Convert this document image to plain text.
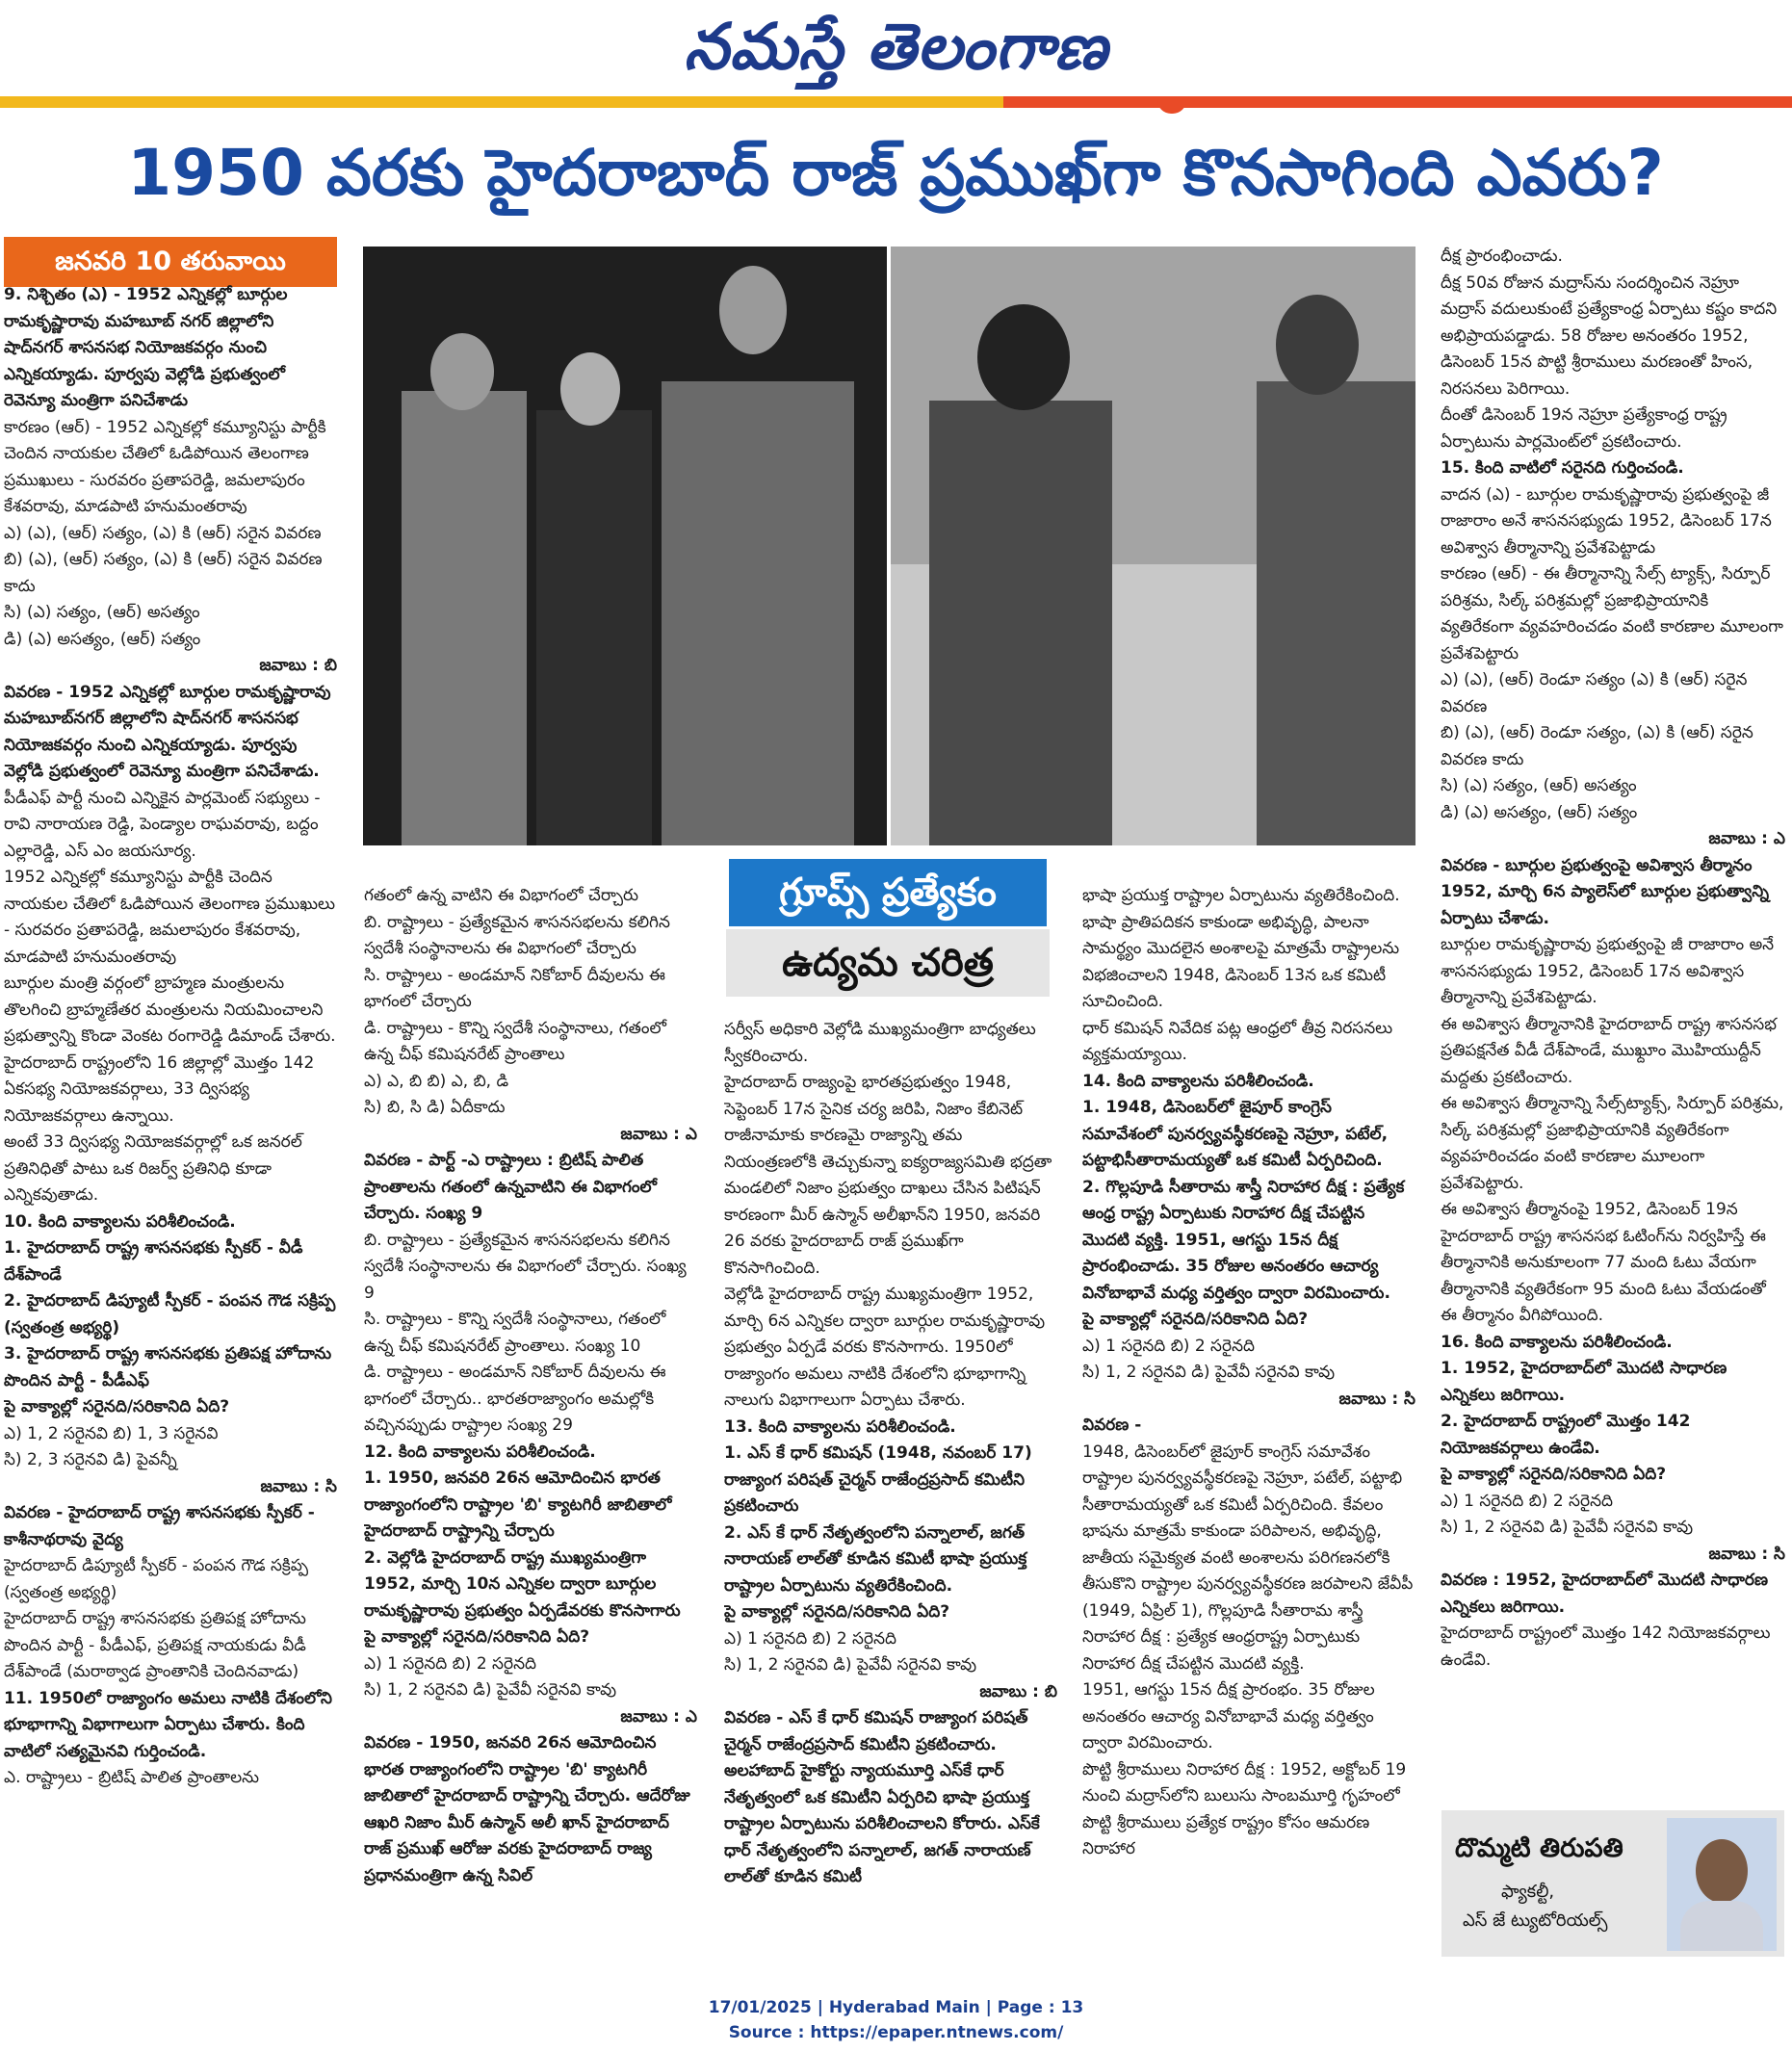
నమస్తే తెలంగాణ
1950 వరకు హైదరాబాద్ రాజ్ ప్రముఖ్‌గా కొనసాగింది ఎవరు?
జనవరి 10 తరువాయి
గ్రూప్స్ ప్రత్యేకం
ఉద్యమ చరిత్ర

9. నిశ్చితం (ఎ) - 1952 ఎన్నికల్లో బూర్గుల రామకృష్ణారావు మహబూబ్ నగర్ జిల్లాలోని షాద్‌నగర్ శాసనసభ నియోజకవర్గం నుంచి ఎన్నికయ్యాడు. పూర్వపు వెల్లోడి ప్రభుత్వంలో రెవెన్యూ మంత్రిగా పనిచేశాడు

కారణం (ఆర్) - 1952 ఎన్నికల్లో కమ్యూనిస్టు పార్టీకి చెందిన నాయకుల చేతిలో ఓడిపోయిన తెలంగాణ ప్రముఖులు - సురవరం ప్రతాపరెడ్డి, జమలాపురం కేశవరావు, మాడపాటి హనుమంతరావు

ఎ) (ఎ), (ఆర్) సత్యం, (ఎ) కి (ఆర్) సరైన వివరణ

బి) (ఎ), (ఆర్) సత్యం, (ఎ) కి (ఆర్) సరైన వివరణ కాదు

సి) (ఎ) సత్యం, (ఆర్) అసత్యం

డి) (ఎ) అసత్యం, (ఆర్) సత్యం

జవాబు : బి

వివరణ - 1952 ఎన్నికల్లో బూర్గుల రామకృష్ణారావు మహబూబ్‌నగర్ జిల్లాలోని షాద్‌నగర్ శాసనసభ నియోజకవర్గం నుంచి ఎన్నికయ్యాడు. పూర్వపు వెల్లోడి ప్రభుత్వంలో రెవెన్యూ మంత్రిగా పనిచేశాడు.

పీడీఎఫ్ పార్టీ నుంచి ఎన్నికైన పార్లమెంట్ సభ్యులు - రావి నారాయణ రెడ్డి, పెండ్యాల రాఘవరావు, బద్దం ఎల్లారెడ్డి, ఎస్ ఎం జయసూర్య.

1952 ఎన్నికల్లో కమ్యూనిస్టు పార్టీకి చెందిన నాయకుల చేతిలో ఓడిపోయిన తెలంగాణ ప్రముఖులు - సురవరం ప్రతాపరెడ్డి, జమలాపురం కేశవరావు, మాడపాటి హనుమంతరావు

బూర్గుల మంత్రి వర్గంలో బ్రాహ్మణ మంత్రులను తొలగించి బ్రాహ్మణేతర మంత్రులను నియమించాలని ప్రభుత్వాన్ని కొండా వెంకట రంగారెడ్డి డిమాండ్ చేశారు.

హైదరాబాద్ రాష్ట్రంలోని 16 జిల్లాల్లో మొత్తం 142 ఏకసభ్య నియోజకవర్గాలు, 33 ద్విసభ్య నియోజకవర్గాలు ఉన్నాయి.

అంటే 33 ద్విసభ్య నియోజకవర్గాల్లో ఒక జనరల్ ప్రతినిధితో పాటు ఒక రిజర్వ్ ప్రతినిధి కూడా ఎన్నికవుతాడు.

10. కింది వాక్యాలను పరిశీలించండి.

1. హైదరాబాద్ రాష్ట్ర శాసనసభకు స్పీకర్ - వీడీ దేశ్‌పాండే

2. హైదరాబాద్ డిప్యూటీ స్పీకర్ - పంపన గౌడ సక్రిప్ప (స్వతంత్ర అభ్యర్థి)

3. హైదరాబాద్ రాష్ట్ర శాసనసభకు ప్రతిపక్ష హోదాను పొందిన పార్టీ - పీడీఎఫ్

పై వాక్యాల్లో సరైనది/సరికానిది ఏది?

ఎ) 1, 2 సరైనవి బి) 1, 3 సరైనవి

సి) 2, 3 సరైనవి డి) పైవన్నీ

జవాబు : సి

వివరణ - హైదరాబాద్ రాష్ట్ర శాసనసభకు స్పీకర్ - కాశీనాథరావు వైద్య

హైదరాబాద్ డిప్యూటీ స్పీకర్ - పంపన గౌడ సక్రిప్ప (స్వతంత్ర అభ్యర్థి)

హైదరాబాద్ రాష్ట్ర శాసనసభకు ప్రతిపక్ష హోదాను పొందిన పార్టీ - పీడీఎఫ్, ప్రతిపక్ష నాయకుడు వీడీ దేశ్‌పాండే (మరాఠ్వాడ ప్రాంతానికి చెందినవాడు)

11. 1950లో రాజ్యాంగం అమలు నాటికి దేశంలోని భూభాగాన్ని విభాగాలుగా ఏర్పాటు చేశారు. కింది వాటిలో సత్యమైనవి గుర్తించండి.

ఎ. రాష్ట్రాలు - బ్రిటిష్ పాలిత ప్రాంతాలను

గతంలో ఉన్న వాటిని ఈ విభాగంలో చేర్చారు

బి. రాష్ట్రాలు - ప్రత్యేకమైన శాసనసభలను కలిగిన స్వదేశీ సంస్థానాలను ఈ విభాగంలో చేర్చారు

సి. రాష్ట్రాలు - అండమాన్ నికోబార్ దీవులను ఈ భాగంలో చేర్చారు

డి. రాష్ట్రాలు - కొన్ని స్వదేశీ సంస్థానాలు, గతంలో ఉన్న చీఫ్ కమిషనరేట్ ప్రాంతాలు

ఎ) ఎ, బి బి) ఎ, బి, డి

సి) బి, సి డి) ఏదీకాదు

జవాబు : ఎ

వివరణ - పార్ట్ -ఎ రాష్ట్రాలు : బ్రిటిష్ పాలిత ప్రాంతాలను గతంలో ఉన్నవాటిని ఈ విభాగంలో చేర్చారు. సంఖ్య 9

బి. రాష్ట్రాలు - ప్రత్యేకమైన శాసనసభలను కలిగిన స్వదేశీ సంస్థానాలను ఈ విభాగంలో చేర్చారు. సంఖ్య 9

సి. రాష్ట్రాలు - కొన్ని స్వదేశీ సంస్థానాలు, గతంలో ఉన్న చీఫ్ కమిషనరేట్ ప్రాంతాలు. సంఖ్య 10

డి. రాష్ట్రాలు - అండమాన్ నికోబార్ దీవులను ఈ భాగంలో చేర్చారు.. భారతరాజ్యాంగం అమల్లోకి వచ్చినప్పుడు రాష్ట్రాల సంఖ్య 29

12. కింది వాక్యాలను పరిశీలించండి.

1. 1950, జనవరి 26న ఆమోదించిన భారత రాజ్యాంగంలోని రాష్ట్రాల 'బి' క్యాటగిరీ జాబితాలో హైదరాబాద్ రాష్ట్రాన్ని చేర్చారు

2. వెల్లోడి హైదరాబాద్ రాష్ట్ర ముఖ్యమంత్రిగా 1952, మార్చి 10న ఎన్నికల ద్వారా బూర్గుల రామకృష్ణారావు ప్రభుత్వం ఏర్పడేవరకు కొనసాగారు

పై వాక్యాల్లో సరైనది/సరికానిది ఏది?

ఎ) 1 సరైనది బి) 2 సరైనది

సి) 1, 2 సరైనవి డి) పైవేవీ సరైనవి కావు

జవాబు : ఎ

వివరణ - 1950, జనవరి 26న ఆమోదించిన భారత రాజ్యాంగంలోని రాష్ట్రాల 'బి' క్యాటగిరీ జాబితాలో హైదరాబాద్ రాష్ట్రాన్ని చేర్చారు. ఆదేరోజు ఆఖరి నిజాం మీర్ ఉస్మాన్ అలీ ఖాన్ హైదరాబాద్ రాజ్ ప్రముఖ్ ఆరోజు వరకు హైదరాబాద్ రాజ్య ప్రధానమంత్రిగా ఉన్న సివిల్

సర్వీస్ అధికారి వెల్లోడి ముఖ్యమంత్రిగా బాధ్యతలు స్వీకరించారు.

హైదరాబాద్ రాజ్యంపై భారతప్రభుత్వం 1948, సెప్టెంబర్ 17న సైనిక చర్య జరిపి, నిజాం కేబినెట్ రాజీనామాకు కారణమై రాజ్యాన్ని తమ నియంత్రణలోకి తెచ్చుకున్నా ఐక్యరాజ్యసమితి భద్రతా మండలిలో నిజాం ప్రభుత్వం దాఖలు చేసిన పిటిషన్ కారణంగా మీర్ ఉస్మాన్ అలీఖాన్‌ని 1950, జనవరి 26 వరకు హైదరాబాద్ రాజ్ ప్రముఖ్‌గా కొనసాగించింది.

వెల్లోడి హైదరాబాద్ రాష్ట్ర ముఖ్యమంత్రిగా 1952, మార్చి 6న ఎన్నికల ద్వారా బూర్గుల రామకృష్ణారావు ప్రభుత్వం ఏర్పడే వరకు కొనసాగారు. 1950లో రాజ్యాంగం అమలు నాటికి దేశంలోని భూభాగాన్ని నాలుగు విభాగాలుగా ఏర్పాటు చేశారు.

13. కింది వాక్యాలను పరిశీలించండి.

1. ఎస్ కే ధార్ కమిషన్ (1948, నవంబర్ 17) రాజ్యాంగ పరిషత్ చైర్మన్ రాజేంద్రప్రసాద్ కమిటీని ప్రకటించారు

2. ఎస్ కే ధార్ నేతృత్వంలోని పన్నాలాల్, జగత్ నారాయణ్ లాల్‌తో కూడిన కమిటీ భాషా ప్రయుక్త రాష్ట్రాల ఏర్పాటును వ్యతిరేకించింది.

పై వాక్యాల్లో సరైనది/సరికానిది ఏది?

ఎ) 1 సరైనది బి) 2 సరైనది

సి) 1, 2 సరైనవి డి) పైవేవీ సరైనవి కావు

జవాబు : బి

వివరణ - ఎస్ కే ధార్ కమిషన్ రాజ్యాంగ పరిషత్ చైర్మన్ రాజేంద్రప్రసాద్ కమిటీని ప్రకటించారు. అలహాబాద్ హైకోర్టు న్యాయమూర్తి ఎస్‌కే ధార్ నేతృత్వంలో ఒక కమిటీని ఏర్పరిచి భాషా ప్రయుక్త రాష్ట్రాల ఏర్పాటును పరిశీలించాలని కోరారు. ఎస్‌కే ధార్ నేతృత్వంలోని పన్నాలాల్, జగత్ నారాయణ్ లాల్‌తో కూడిన కమిటీ

భాషా ప్రయుక్త రాష్ట్రాల ఏర్పాటును వ్యతిరేకించింది. భాషా ప్రాతిపదికన కాకుండా అభివృద్ధి, పాలనా సామర్థ్యం మొదలైన అంశాలపై మాత్రమే రాష్ట్రాలను విభజించాలని 1948, డిసెంబర్ 13న ఒక కమిటీ సూచించింది.

ధార్ కమిషన్ నివేదిక పట్ల ఆంధ్రలో తీవ్ర నిరసనలు వ్యక్తమయ్యాయి.

14. కింది వాక్యాలను పరిశీలించండి.

1. 1948, డిసెంబర్‌లో జైపూర్ కాంగ్రెస్ సమావేశంలో పునర్వ్యవస్థీకరణపై నెహ్రూ, పటేల్, పట్టాభిసీతారామయ్యతో ఒక కమిటీ ఏర్పరిచింది.

2. గొల్లపూడి సీతారామ శాస్త్రీ నిరాహార దీక్ష : ప్రత్యేక ఆంధ్ర రాష్ట్ర ఏర్పాటుకు నిరాహార దీక్ష చేపట్టిన మొదటి వ్యక్తి. 1951, ఆగస్టు 15న దీక్ష ప్రారంభించాడు. 35 రోజుల అనంతరం ఆచార్య వినోబాభావే మధ్య వర్తిత్వం ద్వారా విరమించారు.

పై వాక్యాల్లో సరైనది/సరికానిది ఏది?

ఎ) 1 సరైనది బి) 2 సరైనది

సి) 1, 2 సరైనవి డి) పైవేవీ సరైనవి కావు

జవాబు : సి

వివరణ -

1948, డిసెంబర్‌లో జైపూర్ కాంగ్రెస్ సమావేశం రాష్ట్రాల పునర్వ్యవస్థీకరణపై నెహ్రూ, పటేల్, పట్టాభి సీతారామయ్యతో ఒక కమిటీ ఏర్పరిచింది. కేవలం భాషను మాత్రమే కాకుండా పరిపాలన, అభివృద్ధి, జాతీయ సమైక్యత వంటి అంశాలను పరిగణనలోకి తీసుకొని రాష్ట్రాల పునర్వ్యవస్థీకరణ జరపాలని జేవీపీ (1949, ఏప్రిల్ 1), గొల్లపూడి సీతారామ శాస్త్రీ నిరాహార దీక్ష : ప్రత్యేక ఆంధ్రరాష్ట్ర ఏర్పాటుకు నిరాహార దీక్ష చేపట్టిన మొదటి వ్యక్తి.

1951, ఆగస్టు 15న దీక్ష ప్రారంభం. 35 రోజుల అనంతరం ఆచార్య వినోబాభావే మధ్య వర్తిత్వం ద్వారా విరమించారు.

పొట్టి శ్రీరాములు నిరాహార దీక్ష : 1952, అక్టోబర్ 19 నుంచి మద్రాస్‌లోని బులుసు సాంబమూర్తి గృహంలో పొట్టి శ్రీరాములు ప్రత్యేక రాష్ట్రం కోసం ఆమరణ నిరాహార

దీక్ష ప్రారంభించాడు.

దీక్ష 50వ రోజున మద్రాస్‌ను సందర్శించిన నెహ్రూ మద్రాస్ వదులుకుంటే ప్రత్యేకాంధ్ర ఏర్పాటు కష్టం కాదని అభిప్రాయపడ్డాడు. 58 రోజుల అనంతరం 1952, డిసెంబర్ 15న పొట్టి శ్రీరాములు మరణంతో హింస, నిరసనలు పెరిగాయి.

దీంతో డిసెంబర్ 19న నెహ్రూ ప్రత్యేకాంధ్ర రాష్ట్ర ఏర్పాటును పార్లమెంట్‌లో ప్రకటించారు.

15. కింది వాటిలో సరైనది గుర్తించండి.

వాదన (ఎ) - బూర్గుల రామకృష్ణారావు ప్రభుత్వంపై జీ రాజారాం అనే శాసనసభ్యుడు 1952, డిసెంబర్ 17న అవిశ్వాస తీర్మానాన్ని ప్రవేశపెట్టాడు

కారణం (ఆర్) - ఈ తీర్మానాన్ని సేల్స్ ట్యాక్స్, సిర్పూర్ పరిశ్రమ, సిల్క్ పరిశ్రమల్లో ప్రజాభిప్రాయానికి వ్యతిరేకంగా వ్యవహరించడం వంటి కారణాల మూలంగా ప్రవేశపెట్టారు

ఎ) (ఎ), (ఆర్) రెండూ సత్యం (ఎ) కి (ఆర్) సరైన వివరణ

బి) (ఎ), (ఆర్) రెండూ సత్యం, (ఎ) కి (ఆర్) సరైన వివరణ కాదు

సి) (ఎ) సత్యం, (ఆర్) అసత్యం

డి) (ఎ) అసత్యం, (ఆర్) సత్యం

జవాబు : ఎ

వివరణ - బూర్గుల ప్రభుత్వంపై అవిశ్వాస తీర్మానం 1952, మార్చి 6న ప్యాలెస్‌లో బూర్గుల ప్రభుత్వాన్ని ఏర్పాటు చేశాడు.

బూర్గుల రామకృష్ణారావు ప్రభుత్వంపై జీ రాజారాం అనే శాసనసభ్యుడు 1952, డిసెంబర్ 17న అవిశ్వాస తీర్మానాన్ని ప్రవేశపెట్టాడు.

ఈ అవిశ్వాస తీర్మానానికి హైదరాబాద్ రాష్ట్ర శాసనసభ ప్రతిపక్షనేత వీడీ దేశ్‌పాండే, ముఖ్దూం మొహియుద్దీన్ మద్దతు ప్రకటించారు.

ఈ అవిశ్వాస తీర్మానాన్ని సేల్స్‌ట్యాక్స్, సిర్పూర్ పరిశ్రమ, సిల్క్ పరిశ్రమల్లో ప్రజాభిప్రాయానికి వ్యతిరేకంగా వ్యవహరించడం వంటి కారణాల మూలంగా ప్రవేశపెట్టారు.

ఈ అవిశ్వాస తీర్మానంపై 1952, డిసెంబర్ 19న హైదరాబాద్ రాష్ట్ర శాసనసభ ఓటింగ్‌ను నిర్వహిస్తే ఈ తీర్మానానికి అనుకూలంగా 77 మంది ఓటు వేయగా తీర్మానానికి వ్యతిరేకంగా 95 మంది ఓటు వేయడంతో ఈ తీర్మానం వీగిపోయింది.

16. కింది వాక్యాలను పరిశీలించండి.

1. 1952, హైదరాబాద్‌లో మొదటి సాధారణ ఎన్నికలు జరిగాయి.

2. హైదరాబాద్ రాష్ట్రంలో మొత్తం 142 నియోజకవర్గాలు ఉండేవి.

పై వాక్యాల్లో సరైనది/సరికానిది ఏది?

ఎ) 1 సరైనది బి) 2 సరైనది

సి) 1, 2 సరైనవి డి) పైవేవీ సరైనవి కావు

జవాబు : సి

వివరణ : 1952, హైదరాబాద్‌లో మొదటి సాధారణ ఎన్నికలు జరిగాయి.

హైదరాబాద్ రాష్ట్రంలో మొత్తం 142 నియోజకవర్గాలు ఉండేవి.

దొమ్మటి తిరుపతి
ఫ్యాకల్టీ,
ఎస్ జే ట్యుటోరియల్స్
17/01/2025 | Hyderabad Main | Page : 13
Source : https://epaper.ntnews.com/
